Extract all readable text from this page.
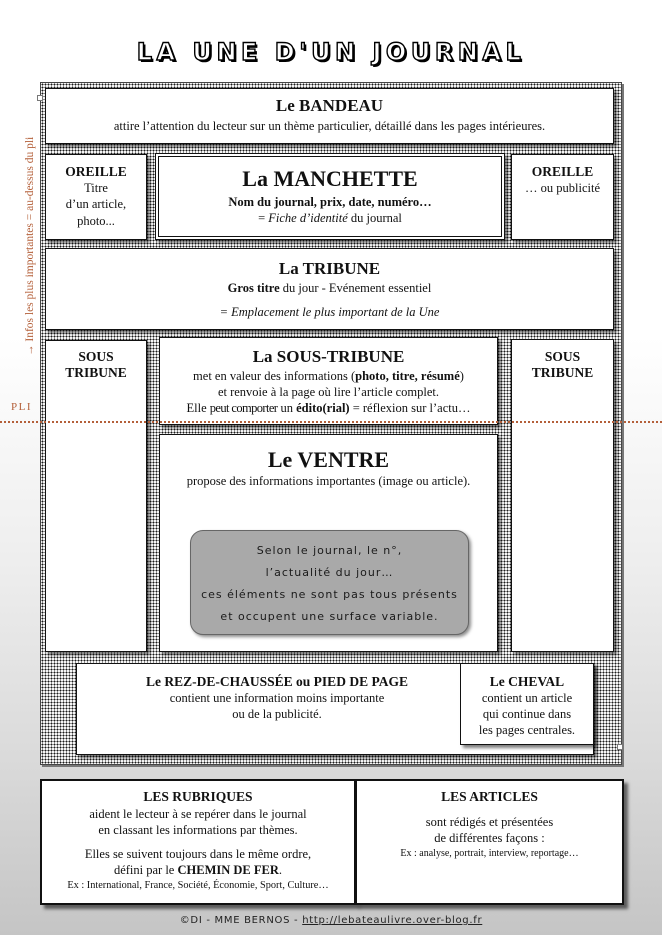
LA UNE D'UN JOURNAL
→ Infos les plus importantes = au-dessus du pli
Le BANDEAU
attire l’attention du lecteur sur un thème particulier, détaillé dans les pages intérieures.
OREILLE
Titre
d’un article,
photo...
La MANCHETTE
Nom du journal, prix, date, numéro…
= Fiche d’identité du journal
OREILLE
… ou publicité
La TRIBUNE
Gros titre du jour - Evénement essentiel
= Emplacement le plus important de la Une
SOUS
TRIBUNE
La SOUS-TRIBUNE
met en valeur des informations (photo, titre, résumé)
et renvoie à la page où lire l’article complet.
Elle peut comporter un édito(rial) = réflexion sur l’actu…
SOUS
TRIBUNE
Le VENTRE
propose des informations importantes (image ou article).
Selon le journal, le n°,
l’actualité du jour…
ces éléments ne sont pas tous présents
et occupent une surface variable.
Le REZ-DE-CHAUSSÉE ou PIED DE PAGE
contient une information moins importante
ou de la publicité.
Le CHEVAL
contient un article
qui continue dans
les pages centrales.
PLI
LES RUBRIQUES
aident le lecteur à se repérer dans le journal
en classant les informations par thèmes.
Elles se suivent toujours dans le même ordre,
défini par le CHEMIN DE FER.
Ex : International, France, Société, Économie, Sport, Culture…
LES ARTICLES
sont rédigés et présentées
de différentes façons :
Ex : analyse, portrait, interview, reportage…
©DI - MME BERNOS - http://lebateaulivre.over-blog.fr
